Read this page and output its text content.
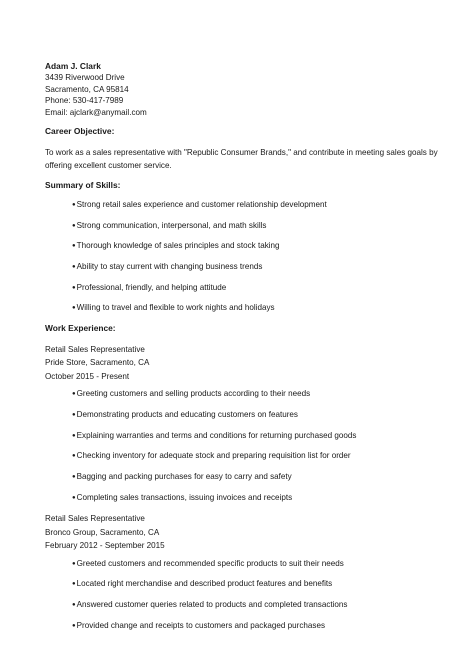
Adam J. Clark
3439 Riverwood Drive
Sacramento, CA 95814
Phone: 530-417-7989
Email: ajclark@anymail.com
Career Objective:
To work as a sales representative with "Republic Consumer Brands," and contribute in meeting sales goals by offering excellent customer service.
Summary of Skills:
● Strong retail sales experience and customer relationship development
● Strong communication, interpersonal, and math skills
● Thorough knowledge of sales principles and stock taking
● Ability to stay current with changing business trends
● Professional, friendly, and helping attitude
● Willing to travel and flexible to work nights and holidays
Work Experience:
Retail Sales Representative
Pride Store, Sacramento, CA
October 2015 - Present
● Greeting customers and selling products according to their needs
● Demonstrating products and educating customers on features
● Explaining warranties and terms and conditions for returning purchased goods
● Checking inventory for adequate stock and preparing requisition list for order
● Bagging and packing purchases for easy to carry and safety
● Completing sales transactions, issuing invoices and receipts
Retail Sales Representative
Bronco Group, Sacramento, CA
February 2012 - September 2015
● Greeted customers and recommended specific products to suit their needs
● Located right merchandise and described product features and benefits
● Answered customer queries related to products and completed transactions
● Provided change and receipts to customers and packaged purchases
